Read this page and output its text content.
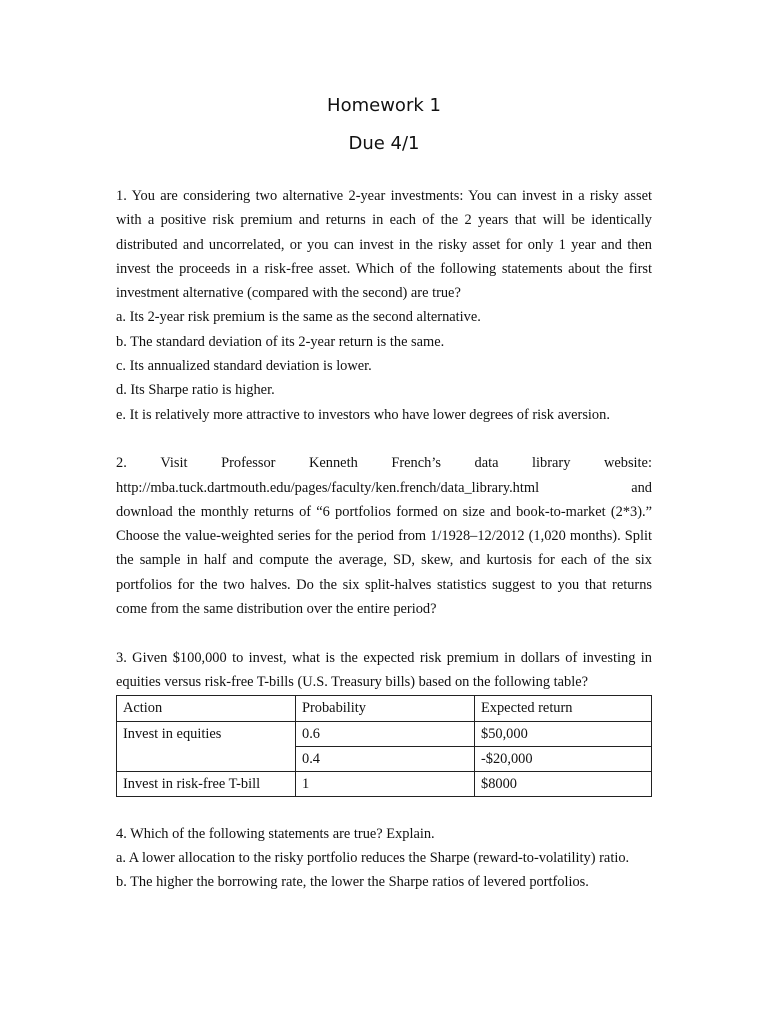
Homework 1
Due 4/1

1. You are considering two alternative 2-year investments: You can invest in a risky asset with a positive risk premium and returns in each of the 2 years that will be identically distributed and uncorrelated, or you can invest in the risky asset for only 1 year and then invest the proceeds in a risk-free asset. Which of the following statements about the first investment alternative (compared with the second) are true?

a. Its 2-year risk premium is the same as the second alternative.

b. The standard deviation of its 2-year return is the same.

c. Its annualized standard deviation is lower.

d. Its Sharpe ratio is higher.

e. It is relatively more attractive to investors who have lower degrees of risk aversion.

2. Visit Professor Kenneth French’s data library website:

http://mba.tuck.dartmouth.edu/pages/faculty/ken.french/data_library.html	and

download the monthly returns of “6 portfolios formed on size and book-to-market (2*3).” Choose the value-weighted series for the period from 1/1928–12/2012 (1,020 months). Split the sample in half and compute the average, SD, skew, and kurtosis for each of the six portfolios for the two halves. Do the six split-halves statistics suggest to you that returns come from the same distribution over the entire period?

3. Given $100,000 to invest, what is the expected risk premium in dollars of investing in equities versus risk-free T-bills (U.S. Treasury bills) based on the following table?

Action	Probability	Expected return
Invest in equities	0.6	$50,000
	0.4	-$20,000
Invest in risk-free T-bill	1	$8000

4. Which of the following statements are true? Explain.

a. A lower allocation to the risky portfolio reduces the Sharpe (reward-to-volatility) ratio.

b. The higher the borrowing rate, the lower the Sharpe ratios of levered portfolios.
